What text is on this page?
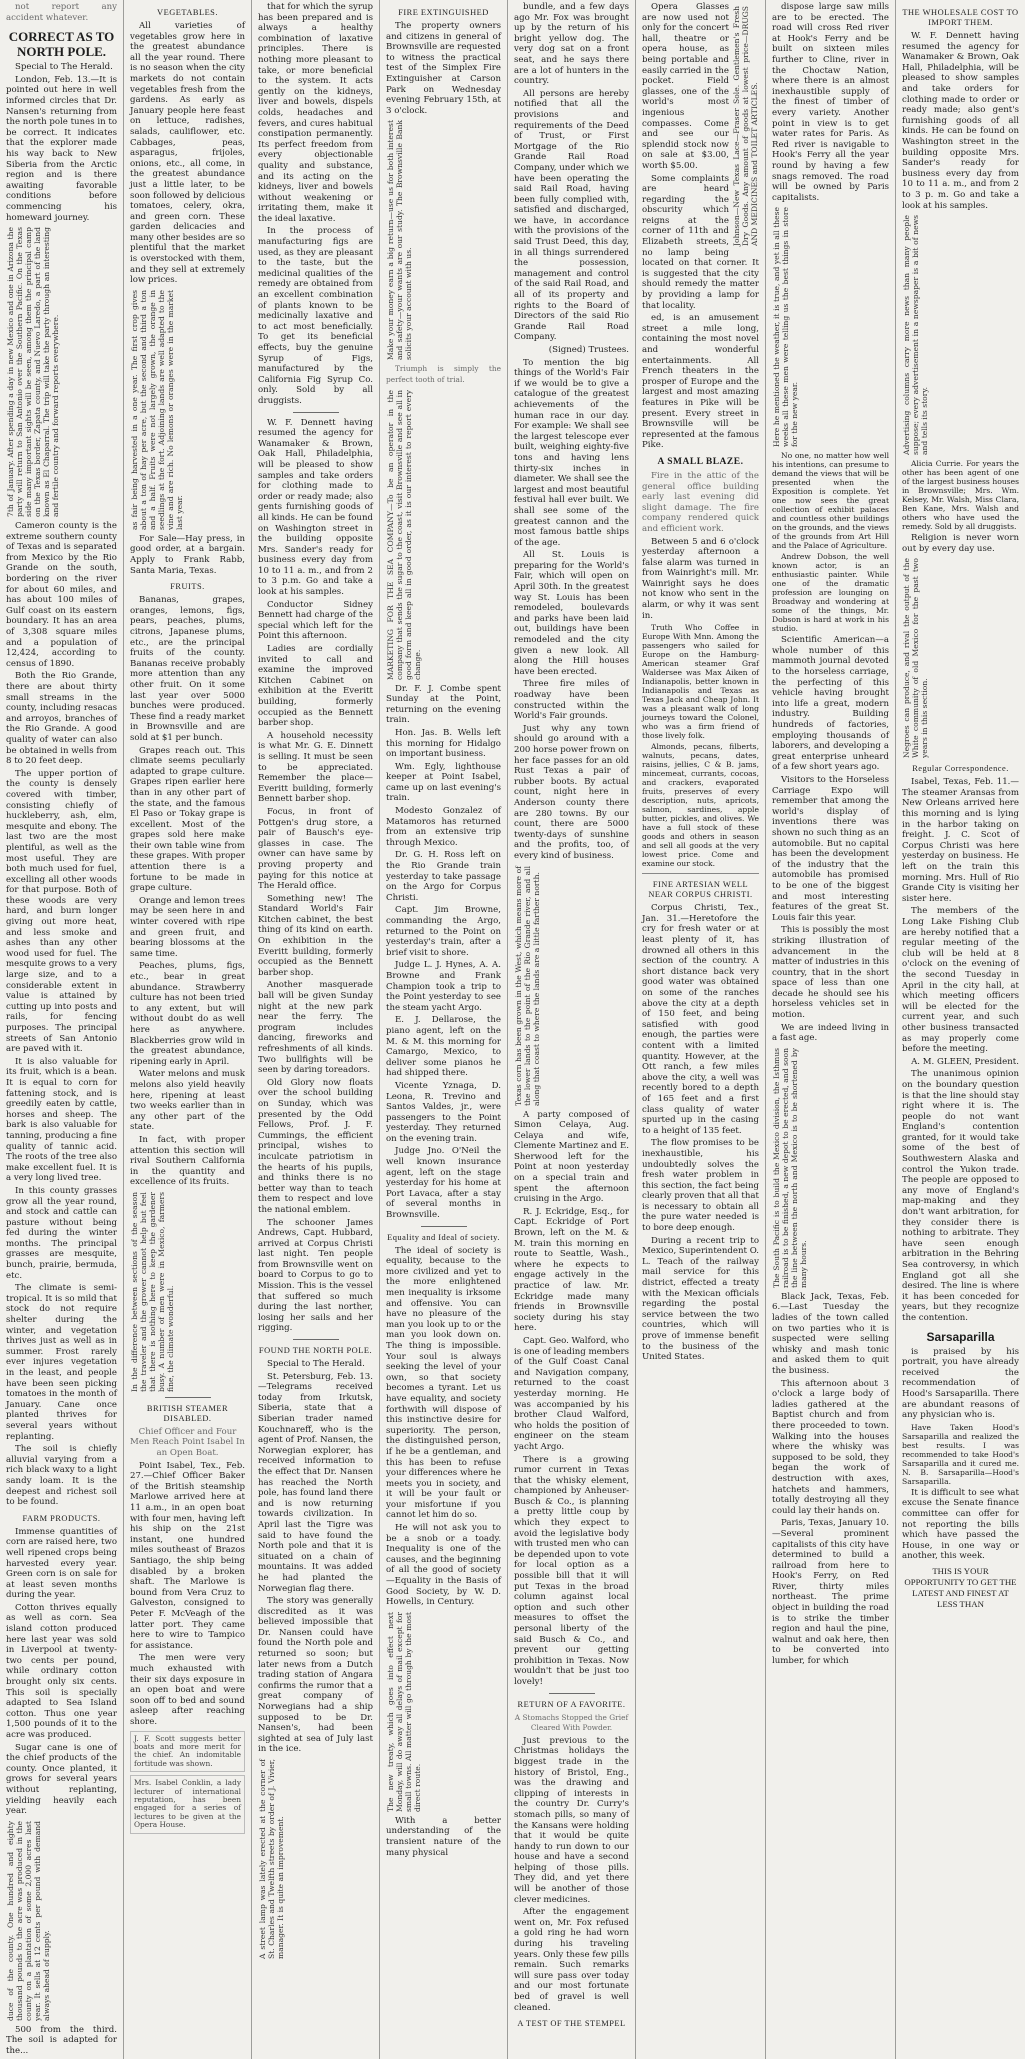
not report any accident whatever.
CORRECT AS TO NORTH POLE.
Special to The Herald.
London, Feb. 13.—It is pointed out here in well informed circles that Dr. Nansen's returning from the north pole tunes in to be correct. It indicates that the explorer made his way back to New Siberia from the Arctic region and is there awaiting favorable conditions before commencing his homeward journey.
7th of January. After spending a day in new Mexico and one in Arizona the party will return to San Antonio over the Southern Pacific. On the Texas side many important sights will be seen, among them the principal camp on the Texas border, Zapata county, and Nuevo Laredo, a part of the land known as El Chaparral. The trip will take the party through an interesting and fertile country and forward reports everywhere.
Cameron county is the extreme southern county of Texas and is separated from Mexico by the Rio Grande on the south, bordering on the river for about 60 miles, and has about 100 miles of Gulf coast on its eastern boundary. It has an area of 3,308 square miles and a population of 12,424, according to census of 1890.
Both the Rio Grande, there are about thirty small streams in the county, including resacas and arroyos, branches of the Rio Grande. A good quality of water can also be obtained in wells from 8 to 20 feet deep.
The upper portion of the county is densely covered with timber, consisting chiefly of huckleberry, ash, elm, mesquite and ebony. The last two are the most plentiful, as well as the most useful. They are both much used for fuel, excelling all other woods for that purpose. Both of these woods are very hard, and burn longer giving out more heat, and less smoke and ashes than any other wood used for fuel. The mesquite grows to a very large size, and to a considerable extent in value is attained by cutting up into posts and rails, for fencing purposes. The principal streets of San Antonio are paved with it.
It is also valuable for its fruit, which is a bean. It is equal to corn for fattening stock, and is greedily eaten by cattle, horses and sheep. The bark is also valuable for tanning, producing a fine quality of tannic acid. The roots of the tree also make excellent fuel. It is a very long lived tree.
In this county grasses grow all the year round, and stock and cattle can pasture without being fed during the winter months. The principal grasses are mesquite, bunch, prairie, bermuda, etc.
The climate is semi-tropical. It is so mild that stock do not require shelter during the winter, and vegetation thrives just as well as in summer. Frost rarely ever injures vegetation in the least, and people have been seen picking tomatoes in the month of January. Cane once planted thrives for several years without replanting.
The soil is chiefly alluvial varying from a rich black waxy to a light sandy loam. It is the deepest and richest soil to be found.
FARM PRODUCTS.
Immense quantities of corn are raised here, two well ripened crops being harvested every year. Green corn is on sale for at least seven months during the year.
Cotton thrives equally as well as corn. Sea island cotton produced here last year was sold in Liverpool at twenty-two cents per pound, while ordinary cotton brought only six cents. This soil is specially adapted to Sea Island cotton. Thus one year 1,500 pounds of it to the acre was produced.
Sugar cane is one of the chief products of the county. Once planted, it grows for several years without replanting, yielding heavily each year.
duce of the county. One hundred and eighty thousand pounds to the acre was produced in the county on a plantation of some 2,000 acres last year. It sells at 12 cents per pound with demand always ahead of supply.
500 from the third. The soil is adapted for the...
VEGETABLES.
All varieties of vegetables grow here in the greatest abundance all the year round. There is no season when the city markets do not contain vegetables fresh from the gardens. As early as January people here feast on lettuce, radishes, salads, cauliflower, etc. Cabbages, peas, asparagus, frijoles, onions, etc., all come, in the greatest abundance just a little later, to be soon followed by delicious tomatoes, celery, okra, and green corn. These garden delicacies and many other besides are so plentiful that the market is overstocked with them, and they sell at extremely low prices.
as fair being harvested in a one year. The first crop gives about a ton of hay per acre, but the second and third a ton and a half. Fruits were not largely grown, the orange in seedlings at the fort. Adjoining lands are well adapted to the vine and are rich. No lemons or oranges were in the market last year.
For Sale—Hay press, in good order, at a bargain. Apply to Frank Rabb, Santa Maria, Texas.
FRUITS.
Bananas, grapes, oranges, lemons, figs, pears, peaches, plums, citrons, Japanese plums, etc., are the principal fruits of the county. Bananas receive probably more attention than any other fruit. On it some last year over 5000 bunches were produced. These find a ready market in Brownsville and are sold at $1 per bunch.
Grapes reach out. This climate seems peculiarly adapted to grape culture. Grapes ripen earlier here than in any other part of the state, and the famous El Paso or Tokay grape is excellent. Most of the grapes sold here make their own table wine from these grapes. With proper attention there is a fortune to be made in grape culture.
Orange and lemon trees may be seen here in and winter covered with ripe and green fruit, and bearing blossoms at the same time.
Peaches, plums, figs, etc., bear in great abundance. Strawberry culture has not been tried to any extent, but will without doubt do as well here as anywhere. Blackberries grow wild in the greatest abundance, ripening early in April.
Water melons and musk melons also yield heavily here, ripening at least two weeks earlier than in any other part of the state.
In fact, with proper attention this section will rival Southern California in the quantity and excellence of its fruits.
In the difference between sections of the season the traveler and the grower cannot help but feel that there is nothing here to keep the gardener busy. A number of men were in Mexico, farmers fine, the climate wonderful.
BRITISH STEAMER DISABLED.
Chief Officer and Four Men Reach Point Isabel In an Open Boat.
Point Isabel, Tex., Feb. 27.—Chief Officer Baker of the British steamship Marlowe arrived here at 11 a.m., in an open boat with four men, having left his ship on the 21st instant, one hundred miles southeast of Brazos Santiago, the ship being disabled by a broken shaft. The Marlowe is bound from Vera Cruz to Galveston, consigned to Peter F. McVeagh of the latter port. They came here to wire to Tampico for assistance.
The men were very much exhausted with their six days exposure in an open boat and were soon off to bed and sound asleep after reaching shore.
J. F. Scott suggests better boats and more merit for the chief. An indomitable fortitude was shown.
Mrs. Isabel Conklin, a lady lecturer of international reputation, has been engaged for a series of lectures to be given at the Opera House.
that for which the syrup has been prepared and is always a healthy combination of laxative principles. There is nothing more pleasant to take, or more beneficial to the system. It acts gently on the kidneys, liver and bowels, dispels colds, headaches and fevers, and cures habitual constipation permanently. Its perfect freedom from every objectionable quality and substance, and its acting on the kidneys, liver and bowels without weakening or irritating them, make it the ideal laxative.
In the process of manufacturing figs are used, as they are pleasant to the taste, but the medicinal qualities of the remedy are obtained from an excellent combination of plants known to be medicinally laxative and to act most beneficially. To get its beneficial effects, buy the genuine Syrup of Figs, manufactured by the California Fig Syrup Co. only. Sold by all druggists.
W. F. Dennett having resumed the agency for Wanamaker & Brown, Oak Hall, Philadelphia, will be pleased to show samples and take orders for clothing made to order or ready made; also gents furnishing goods of all kinds. He can be found on Washington street in the building opposite Mrs. Sander's ready for business every day from 10 to 11 a. m., and from 2 to 3 p.m. Go and take a look at his samples.
Conductor Sidney Bennett had charge of the special which left for the Point this afternoon.
Ladies are cordially invited to call and examine the improved Kitchen Cabinet on exhibition at the Everitt building, formerly occupied as the Bennett barber shop.
A household necessity is what Mr. G. E. Dinnett is selling. It must be seen to be appreciated. Remember the place—Everitt building, formerly Bennett barber shop.
Focus, in front of Pottgen's drug store, a pair of Bausch's eye-glasses in case. The owner can have same by proving property and paying for this notice at The Herald office.
Something new! The Standard World's Fair Kitchen cabinet, the best thing of its kind on earth. On exhibition in the Everitt building, formerly occupied as the Bennett barber shop.
Another masquerade ball will be given Sunday night at the new park near the ferry. The program includes dancing, fireworks and refreshments of all kinds. Two bullfights will be seen by daring toreadors.
Old Glory now floats over the school building on Sunday, which was presented by the Odd Fellows, Prof. J. F. Cummings, the efficient principal, wishes to inculcate patriotism in the hearts of his pupils, and thinks there is no better way than to teach them to respect and love the national emblem.
The schooner James Andrews, Capt. Hubbard, arrived at Corpus Christi last night. Ten people from Brownsville went on board to Corpus to go to Mission. This is the vessel that suffered so much during the last norther, losing her sails and her rigging.
FOUND THE NORTH POLE.
Special to The Herald.
St. Petersburg, Feb. 13.—Telegrams received today from Irkutsk, Siberia, state that a Siberian trader named Kouchnareff, who is the agent of Prof. Nansen, the Norwegian explorer, has received information to the effect that Dr. Nansen has reached the North pole, has found land there and is now returning towards civilization. In April last the Tigre was said to have found the North pole and that it is situated on a chain of mountains. It was added he had planted the Norwegian flag there.
The story was generally discredited as it was believed impossible that Dr. Nansen could have found the North pole and returned so soon; but later news from a Dutch trading station of Angara confirms the rumor that a great company of Norwegians had a ship supposed to be Dr. Nansen's, had been sighted at sea of July last in the ice.
A street lamp was lately erected at the corner of St. Charles and Twelfth streets by order of J. Vivier, manager. It is quite an improvement.
FIRE EXTINGUISHED
The property owners and citizens in general of Brownsville are requested to witness the practical test of the Simplex Fire Extinguisher at Carson Park on Wednesday evening February 15th, at 3 o'clock.
Make your money earn a big return—use us for both interest and safety—your wants are our study. The Brownsville Bank solicits your account with us.
Triumph is simply the perfect tooth of trial.
MARKETING FOR THE SEA COMPANY—To be an operator in the company that sends the sugar to the coast, visit Brownsville and see all in good form and keep all in good order, as it is our interest to report every change.
Dr. F. J. Combe spent Sunday at the Point, returning on the evening train.
Hon. Jas. B. Wells left this morning for Hidalgo on important business.
Wm. Egly, lighthouse keeper at Point Isabel, came up on last evening's train.
Modesto Gonzalez of Matamoros has returned from an extensive trip through Mexico.
Dr. G. H. Ross left on the Rio Grande train yesterday to take passage on the Argo for Corpus Christi.
Capt. Jim Browne, commanding the Argo, returned to the Point on yesterday's train, after a brief visit to shore.
Judge L. J. Hynes, A. A. Browne and Frank Champion took a trip to the Point yesterday to see the steam yacht Argo.
E. J. Dellarose, the piano agent, left on the M. & M. this morning for Camargo, Mexico, to deliver some pianos he had shipped there.
Vicente Yznaga, D. Leona, R. Trevino and Santos Valdes, jr., were passengers to the Point yesterday. They returned on the evening train.
Judge Jno. O'Neil the well known insurance agent, left on the stage yesterday for his home at Port Lavaca, after a stay of several months in Brownsville.
Equality and Ideal of society.
The ideal of society is equality, because to the more civilized and yet to the more enlightened men inequality is irksome and offensive. You can have no pleasure of the man you look up to or the man you look down on. The thing is impossible. Your soul is always seeking the level of your own, so that society becomes a tyrant. Let us have equality, and society forthwith will dispose of this instinctive desire for superiority. The person, the distinguished person, if he be a gentleman, and this has been to refuse your differences where he meets you in society, and it will be your fault or your misfortune if you cannot let him do so.
He will not ask you to be a snob or a toady. Inequality is one of the causes, and the beginning of all the good of society—Equality in the Basis of Good Society, by W. D. Howells, in Century.
The new treaty, which goes into effect next Monday, will do away all delays of mail except for small towns. All matter will go through by the most direct route.
With a better understanding of the transient nature of the many physical
bundle, and a few days ago Mr. Fox was brought up by the return of his bright yellow dog. The very dog sat on a front seat, and he says there are a lot of hunters in the country.
All persons are hereby notified that all the provisions and requirements of the Deed of Trust, or First Mortgage of the Rio Grande Rail Road Company, under which we have been operating the said Rail Road, having been fully complied with, satisfied and discharged, we have, in accordance with the provisions of the said Trust Deed, this day, in all things surrendered the possession, management and control of the said Rail Road, and all of its property and rights to the Board of Directors of the said Rio Grande Rail Road Company.
(Signed) Trustees.
To mention the big things of the World's Fair if we would be to give a catalogue of the greatest achievements of the human race in our day. For example: We shall see the largest telescope ever built, weighing eighty-five tons and having lens thirty-six inches in diameter. We shall see the largest and most beautiful festival hall ever built. We shall see some of the greatest cannon and the most famous battle ships of the age.
All St. Louis is preparing for the World's Fair, which will open on April 30th. In the greatest way St. Louis has been remodeled, boulevards and parks have been laid out, buildings have been remodeled and the city given a new look. All along the Hill houses have been erected.
Three fire miles of roadway have been constructed within the World's Fair grounds.
Just why any town should go around with a 200 horse power frown on her face passes for an old Rust Texas a pair of rubber boots. By actual count, night here in Anderson county there are 280 towns. By our count, there are 5000 twenty-days of sunshine and the profits, too, of every kind of business.
Texas corn has been grown in the West, which means more of the lower lands to the point of the Rio Grande river, and all along that coast to where the lands are a little farther north.
A party composed of Simon Celaya, Aug. Celaya and wife, Clemente Martinez and E. Sherwood left for the Point at noon yesterday on a special train and spent the afternoon cruising in the Argo.
R. J. Eckridge, Esq., for Capt. Eckridge of Port Brown, left on the M. & M. train this morning en route to Seattle, Wash., where he expects to engage actively in the practice of law. Mr. Eckridge made many friends in Brownsville society during his stay here.
Capt. Geo. Walford, who is one of leading members of the Gulf Coast Canal and Navigation company, returned to the coast yesterday morning. He was accompanied by his brother Claud Walford, who holds the position of engineer on the steam yacht Argo.
There is a growing rumor current in Texas that the whisky element, championed by Anheuser-Busch & Co., is planning a pretty little coup by which they expect to avoid the legislative body with trusted men who can be depended upon to vote for local option as a possible bill that it will put Texas in the broad column against local option and such other measures to offset the personal liberty of the said Busch & Co., and prevent our getting prohibition in Texas. Now wouldn't that be just too lovely!
RETURN OF A FAVORITE.
A Stomachs Stopped the Grief Cleared With Powder.
Just previous to the Christmas holidays the biggest trade in the history of Bristol, Eng., was the drawing and clipping of interests in the country Dr. Curry's stomach pills, so many of the Kansans were holding that it would be quite handy to run down to our house and have a second helping of those pills. They did, and yet there will be another of those clever medicines.
After the engagement went on, Mr. Fox refused a gold ring he had worn during his traveling years. Only these few pills remain. Such remarks will sure pass over today and our most fortunate bed of gravel is well cleaned.
A TEST OF THE STEMPEL
Johnson—New Texas Lace—Fraser Sole. Gentlemen's Fresh Dry Goods. Any amount of goods at lowest price—DRUGS AND MEDICINES and TOILET ARTICLES.
Opera Glasses are now used not only for the concert hall, theatre or opera house, as being portable and easily carried in the pocket. Field glasses, one of the world's most ingenious compasses. Come and see our splendid stock now on sale at $3.00, worth $5.00.
Some complaints are heard regarding the obscurity which reigns at the corner of 11th and Elizabeth streets, no lamp being located on that corner. It is suggested that the city should remedy the matter by providing a lamp for that locality.
ed, is an amusement street a mile long, containing the most novel and wonderful entertainments. All French theaters in the prosper of Europe and the largest and most amazing features in Pike will be present. Every street in Brownsville will be represented at the famous Pike.
A SMALL BLAZE.
Fire in the attic of the general office building early last evening did slight damage. The fire company rendered quick and efficient work.
Between 5 and 6 o'clock yesterday afternoon a false alarm was turned in from Wainright's mill. Mr. Wainright says he does not know who sent in the alarm, or why it was sent in.
Truth Who Coffee in Europe With Mnn. Among the passengers who sailed for Europe on the Hamburg-American steamer Graf Waldersee was Max Aiken of Indianapolis, better known in Indianapolis and Texas as Texas Jack and Cheap John. It was a pleasant walk of long journeys toward the Colonel, who was a firm friend of those lively folk.
Almonds, pecans, filberts, walnuts, pecans, dates, raisins, jellies, C & B. jams, mincemeat, currants, cocoas, and crackers, evaporated fruits, preserves of every description, nuts, apricots, salmon, sardines, apple butter, pickles, and olives. We have a full stock of these goods and others in season and sell all goods at the very lowest price. Come and examine our stock.
FINE ARTESIAN WELL NEAR CORPUS CHRISTI.
Corpus Christi, Tex., Jan. 31.—Heretofore the cry for fresh water or at least plenty of it, has drowned all others in this section of the country. A short distance back very good water was obtained on some of the ranches above the city at a depth of 150 feet, and being satisfied with good enough, the parties were content with a limited quantity. However, at the Ott ranch, a few miles above the city, a well was recently bored to a depth of 165 feet and a first class quality of water spurted up in the casing to a height of 135 feet.
The flow promises to be inexhaustible, his undoubtedly solves the fresh water problem in this section, the fact being clearly proven that all that is necessary to obtain all the pure water needed is to bore deep enough.
During a recent trip to Mexico, Superintendent O. L. Teach of the railway mail service for this district, effected a treaty with the Mexican officials regarding the postal service between the two countries, which will prove of immense benefit to the business of the United States.
dispose large saw mills are to be erected. The road will cross Red river at Hook's Ferry and be built on sixteen miles further to Cline, river in the Choctaw Nation, where there is an almost inexhaustible supply of the finest of timber of every variety. Another point in view is to get water rates for Paris. As Red river is navigable to Hook's Ferry all the year round by having a few snags removed. The road will be owned by Paris capitalists.
Here he mentioned the weather, it is true, and yet in all these weeks all these men were telling us the best things in store for the new year.
No one, no matter how well his intentions, can presume to demand the views that will be presented when the Exposition is complete. Yet one now sees the great collection of exhibit palaces and countless other buildings on the grounds, and the views of the grounds from Art Hill and the Palace of Agriculture.
Andrew Dobson, the well known actor, is an enthusiastic painter. While one of the dramatic profession are lounging on Broadway and wondering at some of the things, Mr. Dobson is hard at work in his studio.
Scientific American—a whole number of this mammoth journal devoted to the horseless carriage, the perfecting of this vehicle having brought into life a great, modern industry. Building hundreds of factories, employing thousands of laborers, and developing a great enterprise unheard of a few short years ago.
Visitors to the Horseless Carriage Expo will remember that among the world's display of inventions there was shown no such thing as an automobile. But no capital has been the development of the industry that the automobile has promised to be one of the biggest and most interesting features of the great St. Louis fair this year.
This is possibly the most striking illustration of advancement in the matter of industries in this country, that in the short space of less than one decade he should see his horseless vehicles set in motion.
We are indeed living in a fast age.
The South Pacific is to build the Mexico division, the Isthmus railroad is to be finished, a new depot to be erected, and soon the line between the north and Mexico is to be shortened by many hours.
Black Jack, Texas, Feb. 6.—Last Tuesday the ladies of the town called on two parties who it is suspected were selling whisky and mash tonic and asked them to quit the business.
This afternoon about 3 o'clock a large body of ladies gathered at the Baptist church and from there proceeded to town. Walking into the houses where the whisky was supposed to be sold, they began the work of destruction with axes, hatchets and hammers, totally destroying all they could lay their hands on.
Paris, Texas, January 10.—Several prominent capitalists of this city have determined to build a railroad from here to Hook's Ferry, on Red River, thirty miles northeast. The prime object in building the road is to strike the timber region and haul the pine, walnut and oak here, then to be converted into lumber, for which
THE WHOLESALE COST TO IMPORT THEM.
W. F. Dennett having resumed the agency for Wanamaker & Brown, Oak Hall, Philadelphia, will be pleased to show samples and take orders for clothing made to order or ready made; also gent's furnishing goods of all kinds. He can be found on Washington street in the building opposite Mrs. Sander's ready for business every day from 10 to 11 a. m., and from 2 to 3 p. m. Go and take a look at his samples.
Advertising columns carry more news than many people suppose; every advertisement in a newspaper is a bit of news and tells its story.
Alicia Currie. For years the other has been agent of one of the largest business houses in Brownsville; Mrs. Wm. Kelsey, Mr. Walsh, Miss Clara, Ben Kane, Mrs. Walsh and others who have used the remedy. Sold by all druggists.
Religion is never worn out by every day use.
Negroes can produce, and rival the output of the White community of old Mexico for the past two years in this section.
Regular Correspondence.
Isabel, Texas, Feb. 11.—The steamer Aransas from New Orleans arrived here this morning and is lying in the harbor taking on freight. J. C. Scot of Corpus Christi was here yesterday on business. He left on the train this morning. Mrs. Hull of Rio Grande City is visiting her sister here.
The members of the Long Lake Fishing Club are hereby notified that a regular meeting of the club will be held at 8 o'clock on the evening of the second Tuesday in April in the city hall, at which meeting officers will be elected for the current year, and such other business transacted as may properly come before the meeting.
A. M. GLEEN, President.
The unanimous opinion on the boundary question is that the line should stay right where it is. The people do not want England's contention granted, for it would take some of the best of Southwestern Alaska and control the Yukon trade. The people are opposed to any move of England's map-making and they don't want arbitration, for they consider there is nothing to arbitrate. They have seen enough arbitration in the Behring Sea controversy, in which England got all she desired. The line is where it has been conceded for years, but they recognize the contention.
Sarsaparilla
is praised by his portrait, you have already received the recommendation of Hood's Sarsaparilla. There are abundant reasons of any physician who is.
Have Taken Hood's Sarsaparilla and realized the best results. I was recommended to take Hood's Sarsaparilla and it cured me. N. B. Sarsaparilla—Hood's Sarsaparilla.
It is difficult to see what excuse the Senate finance committee can offer for not reporting the bills which have passed the House, in one way or another, this week.
THIS IS YOUR OPPORTUNITY TO GET THE LATEST AND FINEST AT LESS THAN
